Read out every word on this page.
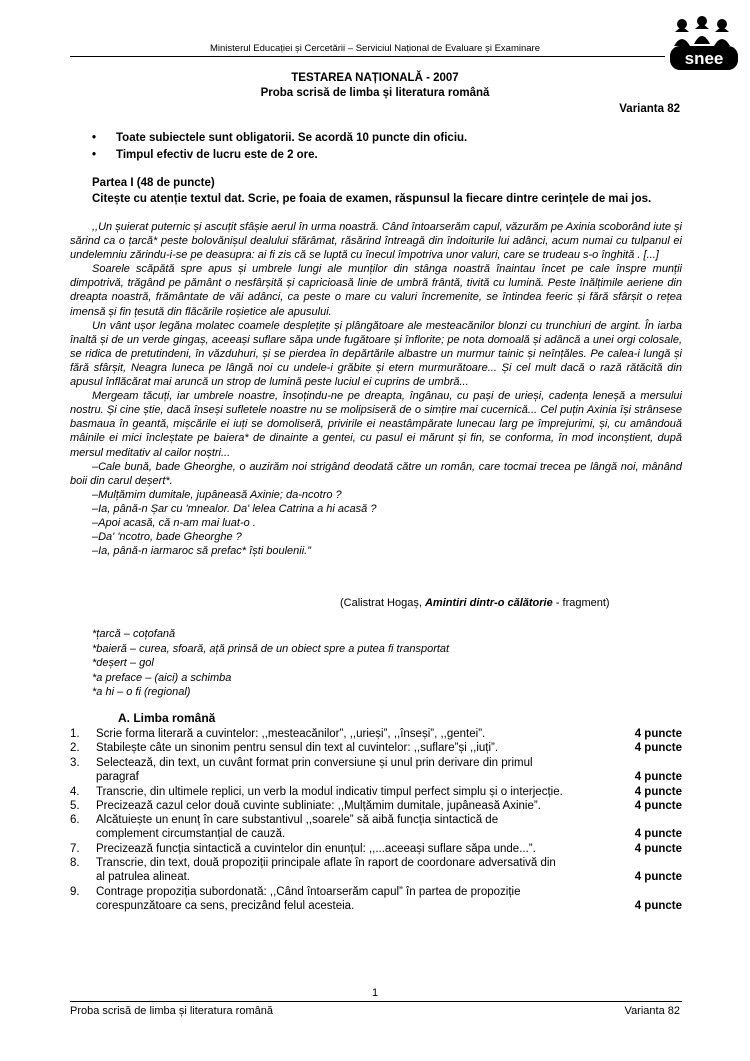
Ministerul Educației și Cercetării – Serviciul Național de Evaluare și Examinare
snee
TESTAREA NAȚIONALĂ - 2007
Proba scrisă de limba și literatura română
Varianta 82
• Toate subiectele sunt obligatorii. Se acordă 10 puncte din oficiu.
• Timpul efectiv de lucru este de 2 ore.
Partea I (48 de puncte)
Citește cu atenție textul dat. Scrie, pe foaia de examen, răspunsul la fiecare dintre cerințele de mai jos.

,,Un șuierat puternic și ascuțit sfâșie aerul în urma noastră. Când întoarserăm capul, văzurăm pe Axinia scoborând iute și sărind ca o țarcă* peste bolovănișul dealului sfărâmat, răsărind întreagă din îndoiturile lui adânci, acum numai cu tulpanul ei undelemniu zărindu-i-se pe deasupra: ai fi zis că se luptă cu înecul împotriva unor valuri, care se trudeau s-o înghită . [...]

Soarele scăpătă spre apus și umbrele lungi ale munților din stânga noastră înaintau încet pe cale înspre munții dimpotrivă, trăgând pe pământ o nesfârșită și capricioasă linie de umbră frântă, tivită cu lumină. Peste înălțimile aeriene din dreapta noastră, frământate de văi adânci, ca peste o mare cu valuri încremenite, se întindea feeric și fără sfârșit o rețea imensă și fin țesută din flăcările roșietice ale apusului.

Un vânt ușor legăna molatec coamele desplețite și plângătoare ale mesteacănilor blonzi cu trunchiuri de argint. În iarba înaltă și de un verde gingaș, aceeași suflare săpa unde fugătoare și înflorite; pe nota domoală și adâncă a unei orgi colosale, se ridica de pretutindeni, în văzduhuri, și se pierdea în depărtările albastre un murmur tainic și neînțăles. Pe calea-i lungă și fără sfârșit, Neagra luneca pe lângă noi cu undele-i grăbite și etern murmurătoare... Și cel mult dacă o rază rătăcită din apusul înflăcărat mai aruncă un strop de lumină peste luciul ei cuprins de umbră...

Mergeam tăcuți, iar umbrele noastre, însoțindu-ne pe dreapta, îngânau, cu pași de urieși, cadența leneșă a mersului nostru. Și cine știe, dacă înseși sufletele noastre nu se molipsiseră de o simțire mai cucernică... Cel puțin Axinia își strânsese basmaua în geantă, mișcările ei iuți se domoliseră, privirile ei neastâmpărate lunecau larg pe împrejurimi, și, cu amândouă mâinile ei mici încleștate pe baiera* de dinainte a gentei, cu pasul ei mărunt și fin, se conforma, în mod inconștient, după mersul meditativ al cailor noștri...

–Cale bună, bade Gheorghe, o auzirăm noi strigând deodată către un român, care tocmai trecea pe lângă noi, mânând boii din carul deșert*.

–Mulțămim dumitale, jupâneasă Axinie; da-ncotro ?

–Ia, până-n Șar cu 'mnealor. Da' lelea Catrina a hi acasă ?

–Apoi acasă, că n-am mai luat-o .

–Da' 'ncotro, bade Gheorghe ?

–Ia, până-n iarmaroc să prefac* îști boulenii.”

(Calistrat Hogaș, Amintiri dintr-o călătorie - fragment)
*țarcă – coțofană
*baieră – curea, sfoară, ață prinsă de un obiect spre a putea fi transportat
*deșert – gol
*a preface – (aici) a schimba
*a hi – o fi (regional)
A. Limba română
1. Scrie forma literară a cuvintelor: ,,mesteacănilor”, ,,urieși”, ,,înseși”, ,,gentei”.	4 puncte
2. Stabilește câte un sinonim pentru sensul din text al cuvintelor: ,,suflare”și ,,iuți”.	4 puncte
3. Selectează, din text, un cuvânt format prin conversiune și unul prin derivare din primul paragraf	4 puncte
4. Transcrie, din ultimele replici, un verb la modul indicativ timpul perfect simplu și o interjecție.	4 puncte
5. Precizează cazul celor două cuvinte subliniate: ,,Mulțămim dumitale, jupâneasă Axinie”.	4 puncte
6. Alcătuiește un enunț în care substantivul ,,soarele” să aibă funcția sintactică de complement circumstanțial de cauză.	4 puncte
7. Precizează funcția sintactică a cuvintelor din enunțul: ,,...aceeași suflare săpa unde...”.	4 puncte
8. Transcrie, din text, două propoziții principale aflate în raport de coordonare adversativă din al patrulea alineat.	4 puncte
9. Contrage propoziția subordonată: ,,Când întoarserăm capul” în partea de propoziție corespunzătoare ca sens, precizând felul acesteia.	4 puncte
1
Proba scrisă de limba și literatura română	Varianta 82
